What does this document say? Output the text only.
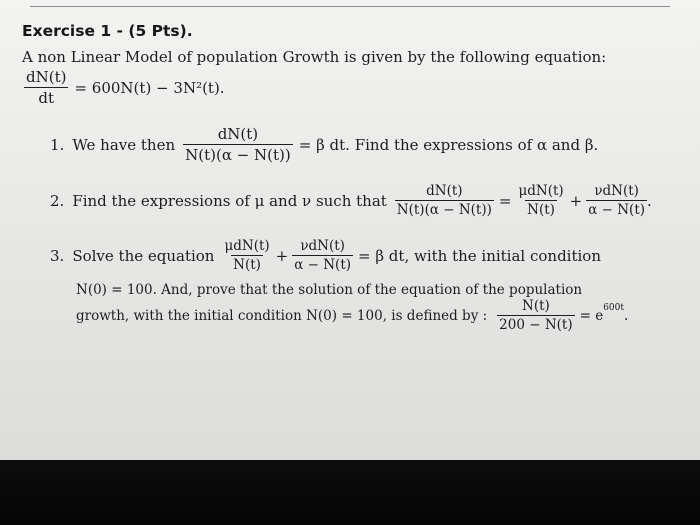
Exercise 1 - (5 Pts).
A non Linear Model of population Growth is given by the following equation:
$\frac{dN(t)}{dt} = 600N(t) - 3N^2(t)$.
1. We have then $\frac{dN(t)}{N(t)(\alpha - N(t))} = \beta$ dt. Find the expressions of α and β.
2. Find the expressions of μ and ν such that $\frac{dN(t)}{N(t)(\alpha - N(t))} = \frac{\text{μdN(t)}}{N(t)} + \frac{\text{νdN(t)}}{\alpha - N(t)}$ .
3. Solve the equation $\frac{\text{μdN(t)}}{N(t)} + \frac{\text{νdN(t)}}{\alpha - N(t)} = \beta$ dt, with the initial condition
N(0) = 100. And, prove that the solution of the equation of the population
growth, with the initial condition N(0) = 100, is defined by : $\frac{N(t)}{200 - N(t)} = e^{600t}$ .
